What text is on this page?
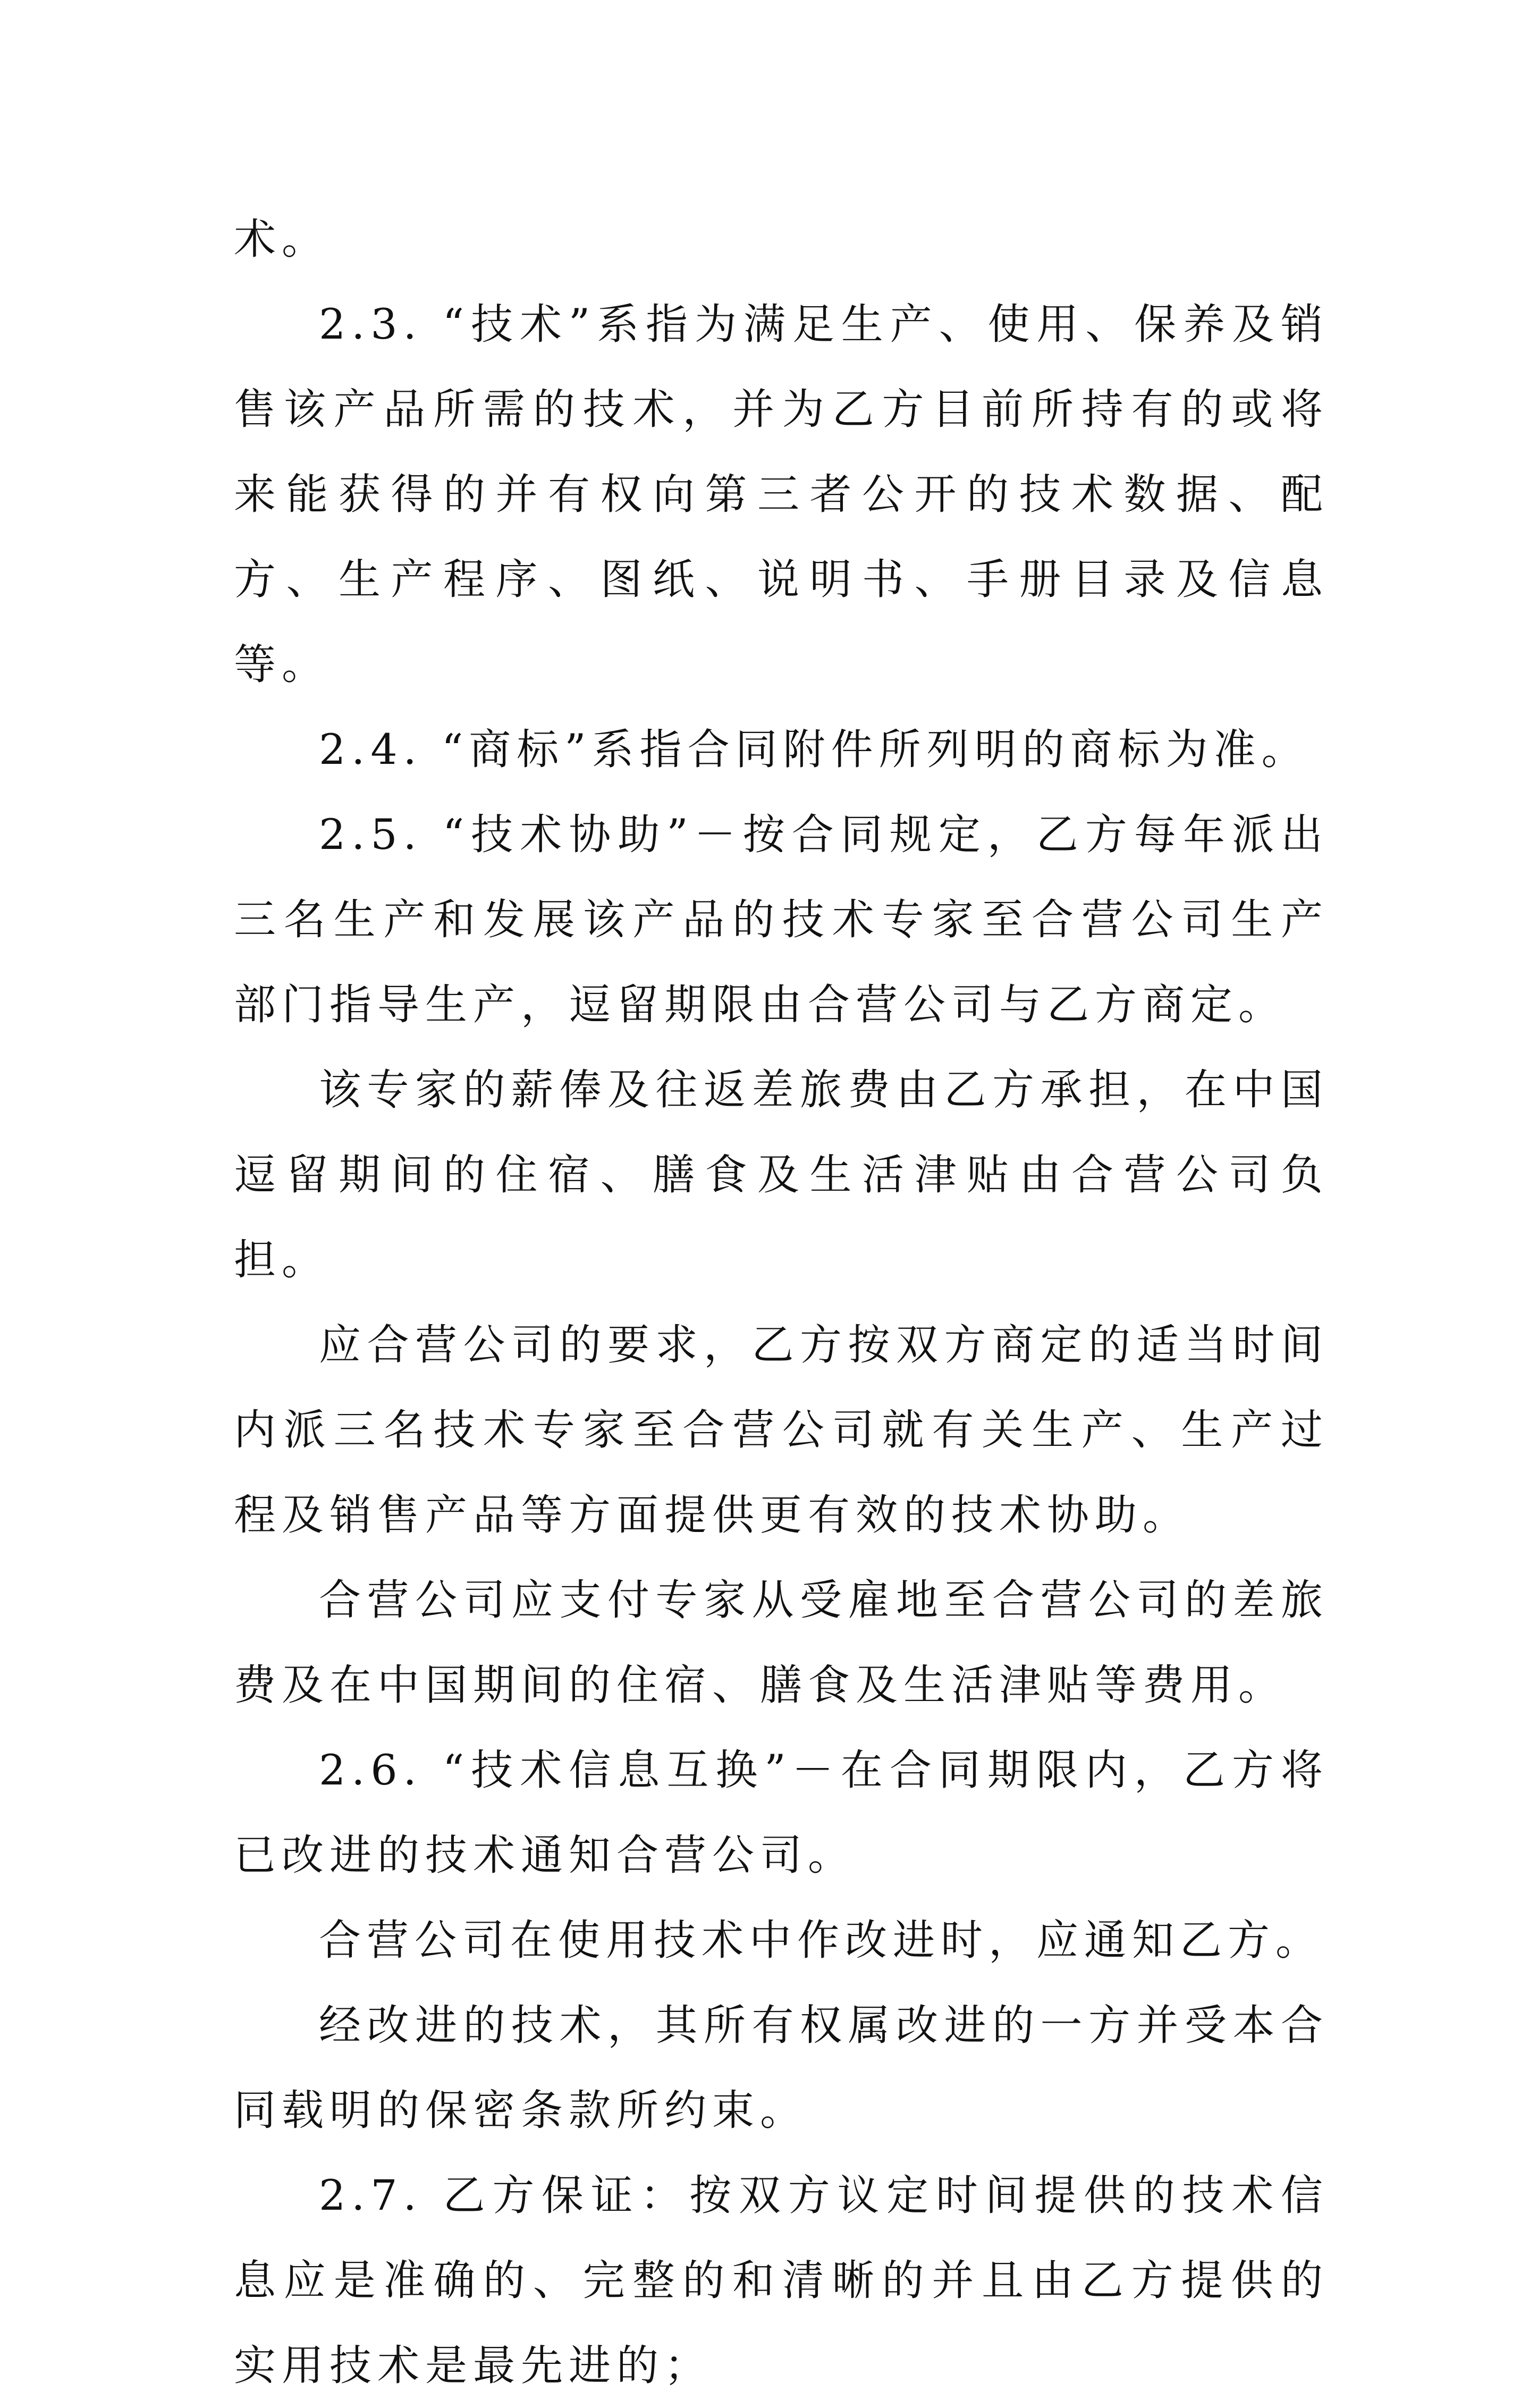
术。

2.3. “技术”系指为满足生产、使用、保养及销售该产品所需的技术，并为乙方目前所持有的或将来能获得的并有权向第三者公开的技术数据、配方、生产程序、图纸、说明书、手册目录及信息等。

2.4. “商标”系指合同附件所列明的商标为准。

2.5. “技术协助”－按合同规定，乙方每年派出三名生产和发展该产品的技术专家至合营公司生产部门指导生产，逗留期限由合营公司与乙方商定。

该专家的薪俸及往返差旅费由乙方承担，在中国逗留期间的住宿、膳食及生活津贴由合营公司负担。

应合营公司的要求，乙方按双方商定的适当时间内派三名技术专家至合营公司就有关生产、生产过程及销售产品等方面提供更有效的技术协助。

合营公司应支付专家从受雇地至合营公司的差旅费及在中国期间的住宿、膳食及生活津贴等费用。

2.6. “技术信息互换”－在合同期限内，乙方将已改进的技术通知合营公司。

合营公司在使用技术中作改进时，应通知乙方。

经改进的技术，其所有权属改进的一方并受本合同载明的保密条款所约束。

2.7. 乙方保证：按双方议定时间提供的技术信息应是准确的、完整的和清晰的并且由乙方提供的实用技术是最先进的；
